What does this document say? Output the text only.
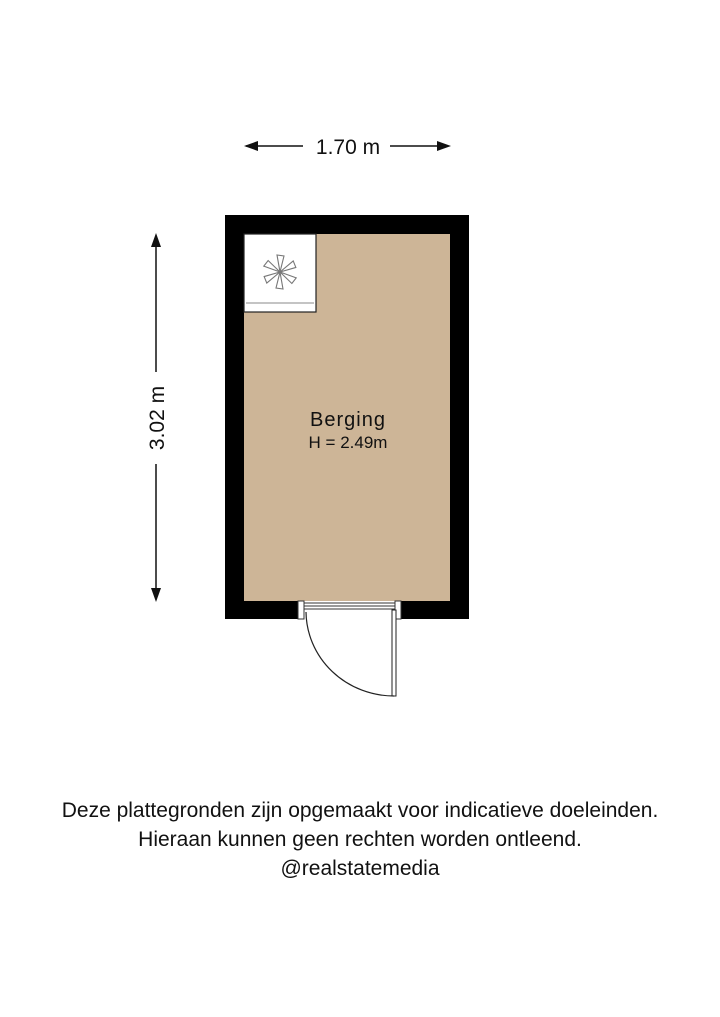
1.70 m
3.02 m	Berging
H = 2.49m
Deze plattegronden zijn opgemaakt voor indicatieve doeleinden.
Hieraan kunnen geen rechten worden ontleend.
@realstatemedia
